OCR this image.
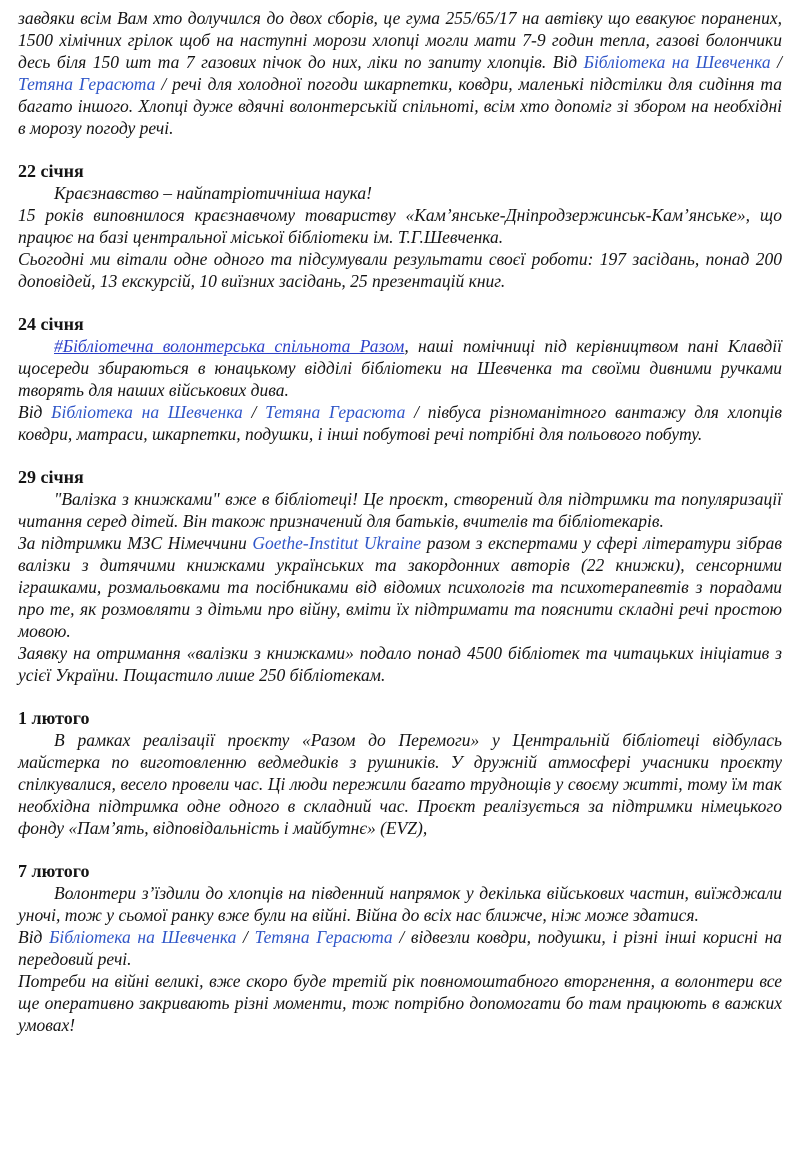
завдяки всім Вам хто долучился до двох сборів, це гума 255/65/17 на автівку що евакуює поранених, 1500 хімічних грілок щоб на наступні морози хлопці могли мати 7-9 годин тепла, газові болончики десь біля 150 шт та 7 газових пічок до них, ліки по запиту хлопців. Від Бібліотека на Шевченка / Тетяна Герасюта / речі для холодної погоди шкарпетки, ковдри, маленькі підстілки для сидіння та багато іншого. Хлопці дуже вдячні волонтерській спільноті, всім хто допоміг зі збором на необхідні в морозу погоду речі.

22 січня

Краєзнавство – найпатріотичніша наука!

15 років виповнилося краєзнавчому товариству «Кам’янське-Дніпродзержинськ-Кам’янське», що працює на базі центральної міської бібліотеки ім. Т.Г.Шевченка.

Сьогодні ми вітали одне одного та підсумували результати своєї роботи: 197 засідань, понад 200 доповідей, 13 екскурсій, 10 виїзних засідань, 25 презентацій книг.

24 січня

#Бібліотечна волонтерська спільнота Разом, наші помічниці під керівництвом пані Клавдії щосереди збираються в юнацькому відділі бібліотеки на Шевченка та своїми дивними ручками творять для наших військових дива.

Від Бібліотека на Шевченка / Тетяна Герасюта / півбуса різноманітного вантажу для хлопців ковдри, матраси, шкарпетки, подушки, і інші побутові речі потрібні для польового побуту.

29 січня

"Валізка з книжками" вже в бібліотеці! Це проєкт, створений для підтримки та популяризації читання серед дітей. Він також призначений для батьків, вчителів та бібліотекарів.

За підтримки МЗС Німеччини Goethe-Institut Ukraine разом з експертами у сфері літератури зібрав валізки з дитячими книжками українських та закордонних авторів (22 книжки), сенсорними іграшками, розмальовками та посібниками від відомих психологів та психотерапевтів з порадами про те, як розмовляти з дітьми про війну, вміти їх підтримати та пояснити складні речі простою мовою.

Заявку на отримання «валізки з книжками» подало понад 4500 бібліотек та читацьких ініціатив з усієї України. Пощастило лише 250 бібліотекам.

1 лютого

В рамках реалізації проєкту «Разом до Перемоги» у Центральній бібліотеці відбулась майстерка по виготовленню ведмедиків з рушників. У дружній атмосфері учасники проєкту спілкувалися, весело провели час. Ці люди пережили багато труднощів у своєму житті, тому їм так необхідна підтримка одне одного в складний час. Проєкт реалізується за підтримки німецького фонду «Пам’ять, відповідальність і майбутнє» (EVZ),

7 лютого

Волонтери з’їздили до хлопців на південний напрямок у декілька військових частин, виїжджали уночі, тож у сьомої ранку вже були на війні. Війна до всіх нас ближче, ніж може здатися.

Від Бібліотека на Шевченка / Тетяна Герасюта / відвезли ковдри, подушки, і різні інші корисні на передовий речі.

Потреби на війні великі, вже скоро буде третій рік повномоштабного вторгнення, а волонтери все ще оперативно закривають різні моменти, тож потрібно допомогати бо там працюють в важких умовах!
